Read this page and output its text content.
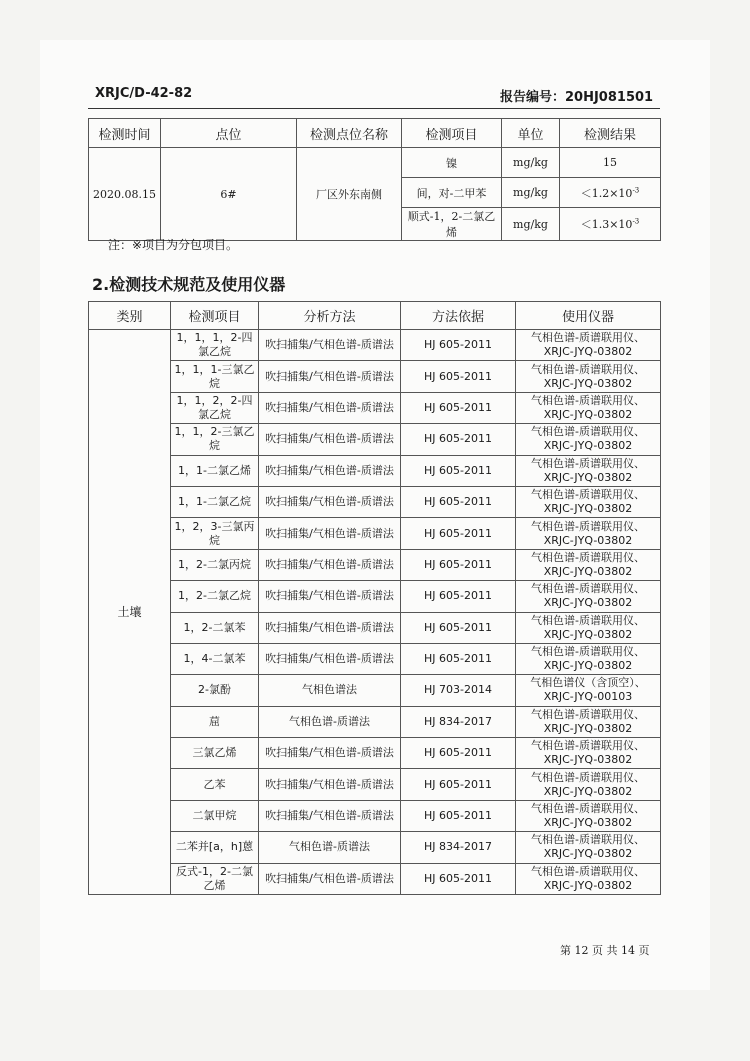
XRJC/D-42-82	报告编号：20HJ081501
检测时间	点位	检测点位名称	检测项目	单位	检测结果
2020.08.15	6#	厂区外东南侧	镍	mg/kg	15
			间，对-二甲苯	mg/kg	$<1.2\times 10^{-3}$
			顺式-1，2-二氯乙烯	mg/kg	$<1.3\times 10^{-3}$
注：※项目为分包项目。
2.检测技术规范及使用仪器
类别	检测项目	分析方法	方法依据	使用仪器
土壤	1，1，1，2-四氯乙烷	吹扫捕集/气相色谱-质谱法	HJ 605-2011	气相色谱-质谱联用仪、XRJC-JYQ-03802
	1，1，1-三氯乙烷	吹扫捕集/气相色谱-质谱法	HJ 605-2011	气相色谱-质谱联用仪、XRJC-JYQ-03802
	1，1，2，2-四氯乙烷	吹扫捕集/气相色谱-质谱法	HJ 605-2011	气相色谱-质谱联用仪、XRJC-JYQ-03802
	1，1，2-三氯乙烷	吹扫捕集/气相色谱-质谱法	HJ 605-2011	气相色谱-质谱联用仪、XRJC-JYQ-03802
	1，1-二氯乙烯	吹扫捕集/气相色谱-质谱法	HJ 605-2011	气相色谱-质谱联用仪、XRJC-JYQ-03802
	1，1-二氯乙烷	吹扫捕集/气相色谱-质谱法	HJ 605-2011	气相色谱-质谱联用仪、XRJC-JYQ-03802
	1，2，3-三氯丙烷	吹扫捕集/气相色谱-质谱法	HJ 605-2011	气相色谱-质谱联用仪、XRJC-JYQ-03802
	1，2-二氯丙烷	吹扫捕集/气相色谱-质谱法	HJ 605-2011	气相色谱-质谱联用仪、XRJC-JYQ-03802
	1，2-二氯乙烷	吹扫捕集/气相色谱-质谱法	HJ 605-2011	气相色谱-质谱联用仪、XRJC-JYQ-03802
	1，2-二氯苯	吹扫捕集/气相色谱-质谱法	HJ 605-2011	气相色谱-质谱联用仪、XRJC-JYQ-03802
	1，4-二氯苯	吹扫捕集/气相色谱-质谱法	HJ 605-2011	气相色谱-质谱联用仪、XRJC-JYQ-03802
	2-氯酚	气相色谱法	HJ 703-2014	气相色谱仪（含顶空）、XRJC-JYQ-00103
	䓛	气相色谱-质谱法	HJ 834-2017	气相色谱-质谱联用仪、XRJC-JYQ-03802
	三氯乙烯	吹扫捕集/气相色谱-质谱法	HJ 605-2011	气相色谱-质谱联用仪、XRJC-JYQ-03802
	乙苯	吹扫捕集/气相色谱-质谱法	HJ 605-2011	气相色谱-质谱联用仪、XRJC-JYQ-03802
	二氯甲烷	吹扫捕集/气相色谱-质谱法	HJ 605-2011	气相色谱-质谱联用仪、XRJC-JYQ-03802
	二苯并[a，h]蒽	气相色谱-质谱法	HJ 834-2017	气相色谱-质谱联用仪、XRJC-JYQ-03802
	反式-1，2-二氯乙烯	吹扫捕集/气相色谱-质谱法	HJ 605-2011	气相色谱-质谱联用仪、XRJC-JYQ-03802
第 12 页 共 14 页
